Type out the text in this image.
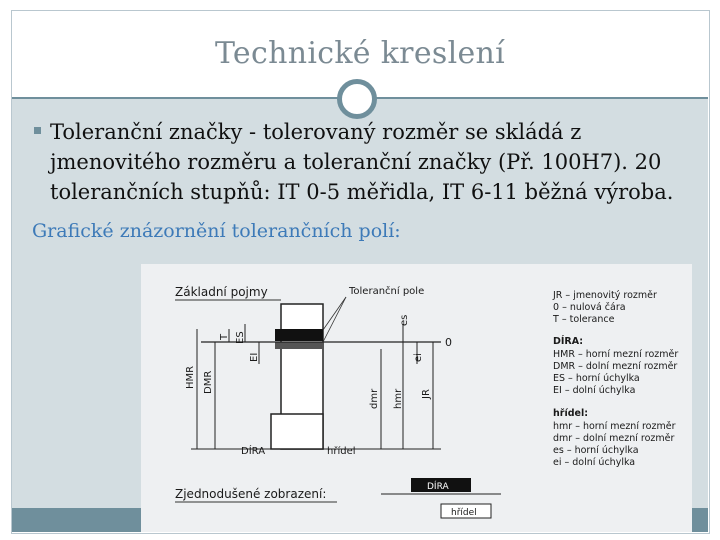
Technické kreslení
Toleranční značky - tolerovaný rozměr se skládá z jmenovitého rozměru a toleranční značky (Př. 100H7). 20 tolerančních stupňů: IT 0-5 měřidla, IT 6-11 běžná výroba.
Grafické znázornění tolerančních polí:
Základní pojmy
0
Toleranční pole
HMR DMR
T ES
EI
dmr
es
ei
hmr JR
DÍRA	hřídel
JR – jmenovitý rozměr
0 – nulová čára
T – tolerance
DÍRA:
HMR – horní mezní rozměr
DMR – dolní mezní rozměr
ES – horní úchylka
EI – dolní úchylka
hřídel:
hmr – horní mezní rozměr
dmr – dolní mezní rozměr
es – horní úchylka
ei – dolní úchylka
Zjednodušené zobrazení:	DÍRA
hřídel
